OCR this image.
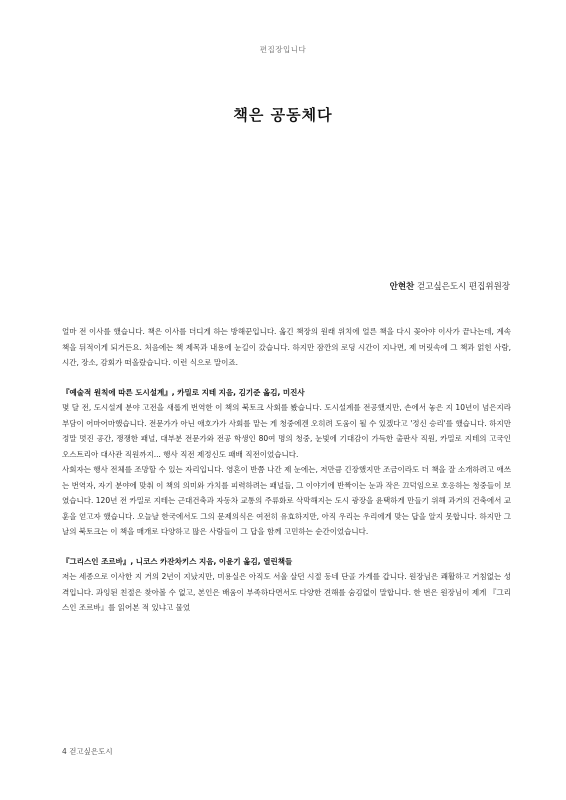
편집장입니다
책은 공동체다
안현찬 걷고싶은도시 편집위원장

얼마 전 이사를 했습니다. 책은 이사를 더디게 하는 방해꾼입니다. 옮긴 책장의 원래 위치에 얼른 책을 다시 꽂아야 이사가 끝나는데, 계속 책을 뒤적이게 되거든요. 처음에는 책 제목과 내용에 눈길이 갔습니다. 하지만 잠깐의 로딩 시간이 지나면, 제 머릿속에 그 책과 얽힌 사람, 시간, 장소, 감회가 떠올랐습니다. 이런 식으로 말이죠.

『예술적 원칙에 따른 도시설계』, 카밀로 지테 지음, 김기준 옮김, 미진사

몇 달 전, 도시설계 분야 고전을 새롭게 번역한 이 책의 북토크 사회를 봤습니다. 도시설계를 전공했지만, 손에서 놓은 지 10년이 넘은지라 부담이 어마어마했습니다. 전문가가 아닌 애호가가 사회를 맡는 게 청중에겐 오히려 도움이 될 수 있겠다고 '정신 승리'를 했습니다. 하지만 정말 멋진 공간, 쟁쟁한 패널, 대부분 전문가와 전공 학생인 80여 명의 청중, 눈빛에 기대감이 가득한 출판사 직원, 카밀로 지테의 고국인 오스트리아 대사관 직원까지... 행사 직전 제정신도 패배 직전이었습니다.

사회자는 행사 전체를 조망할 수 있는 자리입니다. 영혼이 반쯤 나간 제 눈에는, 저만큼 긴장했지만 조금이라도 더 책을 잘 소개하려고 애쓰는 번역자, 자기 분야에 맞춰 이 책의 의미와 가치를 피력하려는 패널들, 그 이야기에 반짝이는 눈과 작은 끄덕임으로 호응하는 청중들이 보였습니다. 120년 전 카밀로 지테는 근대건축과 자동차 교통의 주류화로 삭막해지는 도시 광장을 윤택하게 만들기 위해 과거의 건축에서 교훈을 얻고자 했습니다. 오늘날 한국에서도 그의 문제의식은 여전히 유효하지만, 아직 우리는 우리에게 맞는 답을 알지 못합니다. 하지만 그날의 북토크는 이 책을 매개로 다양하고 많은 사람들이 그 답을 함께 고민하는 순간이었습니다.

『그리스인 조르바』, 니코스 카잔차키스 지음, 이윤기 옮김, 열린책들

저는 세종으로 이사한 지 거의 2년이 지났지만, 미용실은 아직도 서울 살던 시절 동네 단골 가게를 갑니다. 원장님은 쾌활하고 거침없는 성격입니다. 과잉된 친절은 찾아볼 수 없고, 본인은 배움이 부족하다면서도 다양한 견해를 숨김없이 말합니다. 한 번은 원장님이 제게 『그리스인 조르바』를 읽어본 적 있냐고 물었

4 걷고싶은도시
